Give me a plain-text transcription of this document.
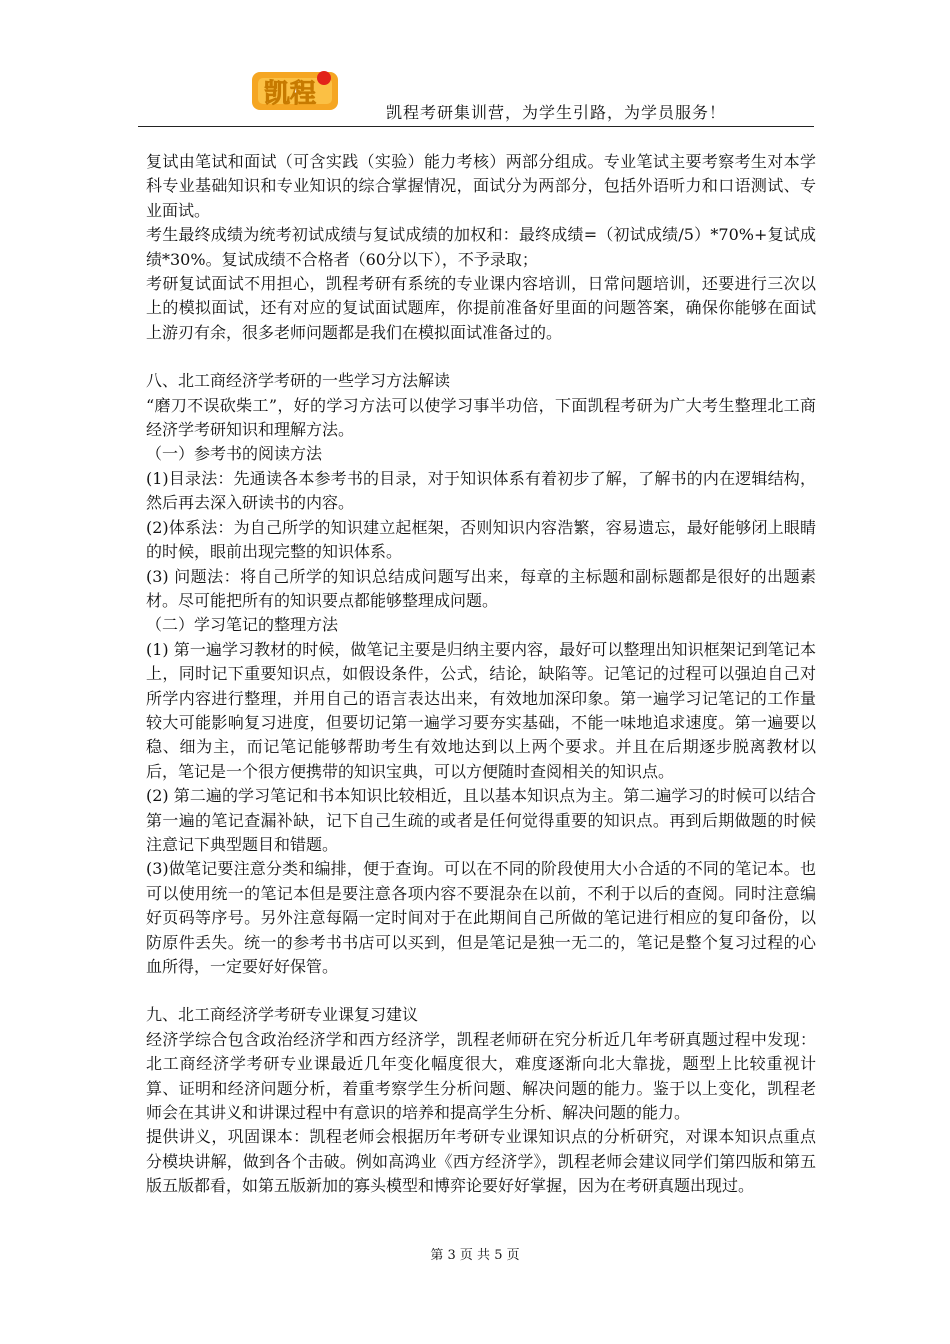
凯程
凯程考研集训营，为学生引路，为学员服务！

复试由笔试和面试（可含实践（实验）能力考核）两部分组成。专业笔试主要考察考生对本学科专业基础知识和专业知识的综合掌握情况，面试分为两部分，包括外语听力和口语测试、专业面试。

考生最终成绩为统考初试成绩与复试成绩的加权和：最终成绩=（初试成绩/5）*70%+复试成绩*30%。复试成绩不合格者（60分以下），不予录取；

考研复试面试不用担心，凯程考研有系统的专业课内容培训，日常问题培训，还要进行三次以上的模拟面试，还有对应的复试面试题库，你提前准备好里面的问题答案，确保你能够在面试上游刃有余，很多老师问题都是我们在模拟面试准备过的。

八、北工商经济学考研的一些学习方法解读

“磨刀不误砍柴工”，好的学习方法可以使学习事半功倍，下面凯程考研为广大考生整理北工商经济学考研知识和理解方法。

（一）参考书的阅读方法

(1)目录法：先通读各本参考书的目录，对于知识体系有着初步了解，了解书的内在逻辑结构，然后再去深入研读书的内容。

(2)体系法：为自己所学的知识建立起框架，否则知识内容浩繁，容易遗忘，最好能够闭上眼睛的时候，眼前出现完整的知识体系。

(3) 问题法：将自己所学的知识总结成问题写出来，每章的主标题和副标题都是很好的出题素材。尽可能把所有的知识要点都能够整理成问题。

（二）学习笔记的整理方法

(1) 第一遍学习教材的时候，做笔记主要是归纳主要内容，最好可以整理出知识框架记到笔记本上，同时记下重要知识点，如假设条件，公式，结论，缺陷等。记笔记的过程可以强迫自己对所学内容进行整理，并用自己的语言表达出来，有效地加深印象。第一遍学习记笔记的工作量较大可能影响复习进度，但要切记第一遍学习要夯实基础，不能一味地追求速度。第一遍要以稳、细为主，而记笔记能够帮助考生有效地达到以上两个要求。并且在后期逐步脱离教材以后，笔记是一个很方便携带的知识宝典，可以方便随时查阅相关的知识点。

(2) 第二遍的学习笔记和书本知识比较相近，且以基本知识点为主。第二遍学习的时候可以结合第一遍的笔记查漏补缺，记下自己生疏的或者是任何觉得重要的知识点。再到后期做题的时候注意记下典型题目和错题。

(3)做笔记要注意分类和编排，便于查询。可以在不同的阶段使用大小合适的不同的笔记本。也可以使用统一的笔记本但是要注意各项内容不要混杂在以前，不利于以后的查阅。同时注意编好页码等序号。另外注意每隔一定时间对于在此期间自己所做的笔记进行相应的复印备份，以防原件丢失。统一的参考书书店可以买到，但是笔记是独一无二的，笔记是整个复习过程的心血所得，一定要好好保管。

九、北工商经济学考研专业课复习建议

经济学综合包含政治经济学和西方经济学，凯程老师研在究分析近几年考研真题过程中发现：北工商经济学考研专业课最近几年变化幅度很大，难度逐渐向北大靠拢，题型上比较重视计算、证明和经济问题分析，着重考察学生分析问题、解决问题的能力。鉴于以上变化，凯程老师会在其讲义和讲课过程中有意识的培养和提高学生分析、解决问题的能力。

提供讲义，巩固课本：凯程老师会根据历年考研专业课知识点的分析研究，对课本知识点重点分模块讲解，做到各个击破。例如高鸿业《西方经济学》，凯程老师会建议同学们第四版和第五版五版都看，如第五版新加的寡头模型和博弈论要好好掌握，因为在考研真题出现过。

第 3 页 共 5 页
